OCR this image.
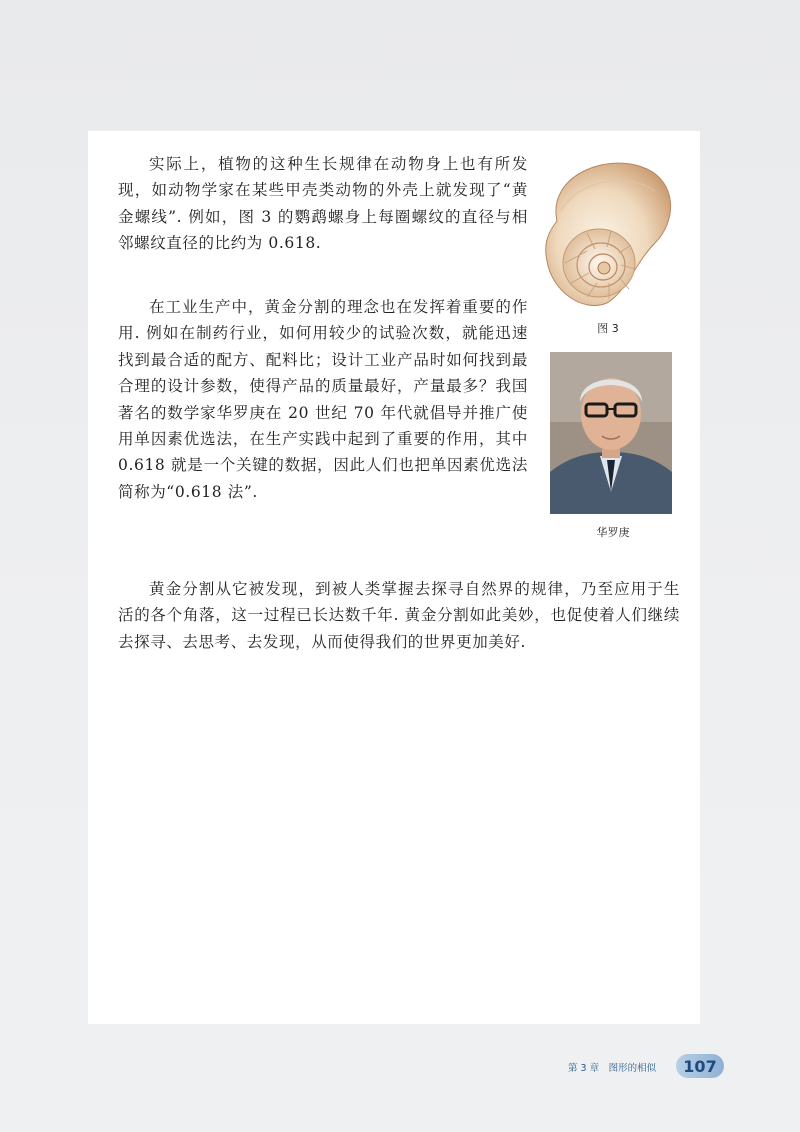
实际上，植物的这种生长规律在动物身上也有所发现，如动物学家在某些甲壳类动物的外壳上就发现了“黄金螺线”. 例如，图 3 的鹦鹉螺身上每圈螺纹的直径与相邻螺纹直径的比约为 0.618.

图 3

在工业生产中，黄金分割的理念也在发挥着重要的作用. 例如在制药行业，如何用较少的试验次数，就能迅速找到最合适的配方、配料比；设计工业产品时如何找到最合理的设计参数，使得产品的质量最好，产量最多？我国著名的数学家华罗庚在 20 世纪 70 年代就倡导并推广使用单因素优选法，在生产实践中起到了重要的作用，其中 0.618 就是一个关键的数据，因此人们也把单因素优选法简称为“0.618 法”.

华罗庚

黄金分割从它被发现，到被人类掌握去探寻自然界的规律，乃至应用于生活的各个角落，这一过程已长达数千年. 黄金分割如此美妙，也促使着人们继续去探寻、去思考、去发现，从而使得我们的世界更加美好.

第 3 章　图形的相似 107
